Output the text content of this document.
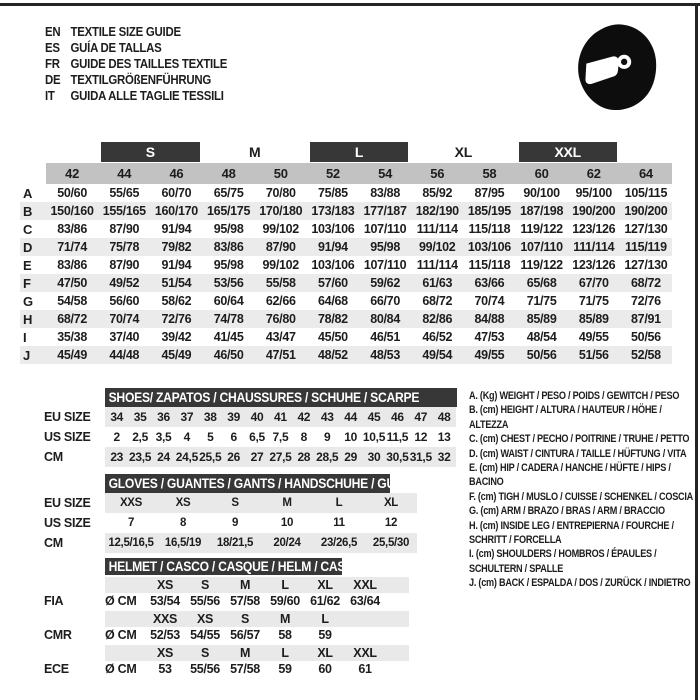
EN TEXTILE SIZE GUIDE
ES GUÍA DE TALLAS
FR GUIDE DES TAILLES TEXTILE
DE TEXTILGRÖßENFÜHRUNG
IT	GUIDA ALLE TAGLIE TESSILI
S	M	L	XL	XXL
42	44	46	48	50	52	54	56	58	60	62	64
A	50/60	55/65	60/70	65/75	70/80	75/85	83/88	85/92	87/95	90/100	95/100	105/115
B	150/160 155/165 160/170 165/175 170/180 173/183 177/187 182/190 185/195 187/198 190/200 190/200
C	83/86	87/90	91/94	95/98	99/102 103/106 107/110 111/114 115/118 119/122 123/126 127/130
D	71/74	75/78	79/82	83/86	87/90	91/94	95/98	99/102 103/106 107/110 111/114 115/119
E	83/86	87/90	91/94	95/98	99/102 103/106 107/110 111/114 115/118 119/122 123/126 127/130
F	47/50	49/52	51/54	53/56	55/58	57/60	59/62	61/63	63/66	65/68	67/70	68/72
G	54/58	56/60	58/62	60/64	62/66	64/68	66/70	68/72	70/74	71/75	71/75	72/76
H	68/72	70/74	72/76	74/78	76/80	78/82	80/84	82/86	84/88	85/89	85/89	87/91
I	35/38	37/40	39/42	41/45	43/47	45/50	46/51	46/52	47/53	48/54	49/55	50/56
J	45/49	44/48	45/49	46/50	47/51	48/52	48/53	49/54	49/55	50/56	51/56	52/58
SHOES/ ZAPATOS / CHAUSSURES / SCHUHE / SCARPE
EU SIZE	34 35 36 37 38 39 40 41 42 43 44 45 46 47 48
US SIZE	2	2,5 3,5	4	5	6	6,5 7,5	8	9	10 10,5 11,5 12 13
CM	23 23,5 24 24,5 25,5 26 27 27,5 28 28,5 29 30 30,5 31,5 32
GLOVES / GUANTES / GANTS / HANDSCHUHE / GUANTI
EU SIZE	XXS	XS	S	M	L	XL
US SIZE	7	8	9	10	11	12
CM	12,5/16,5 16,5/19	18/21,5	20/24	23/26,5	25,5/30
HELMET / CASCO / CASQUE / HELM / CASCO
XS	S	M	L	XL	XXL
FIA	Ø CM	53/54 55/56 57/58 59/60 61/62 63/64
XXS	XS	S	M	L
CMR	Ø CM	52/53 54/55 56/57	58	59
XS	S	M	L	XL	XXL
ECE	Ø CM	53	55/56 57/58	59	60	61
A. (Kg) WEIGHT / PESO / POIDS / GEWITCH / PESO
B. (cm) HEIGHT / ALTURA / HAUTEUR / HÖHE / ALTEZZA
C. (cm) CHEST / PECHO / POITRINE / TRUHE / PETTO
D. (cm) WAIST / CINTURA / TAILLE / HÜFTUNG / VITA
E. (cm) HIP / CADERA / HANCHE / HÜFTE / HIPS / BACINO
F. (cm) TIGH / MUSLO / CUISSE / SCHENKEL / COSCIA
G. (cm) ARM / BRAZO / BRAS / ARM / BRACCIO
H. (cm) INSIDE LEG / ENTREPIERNA / FOURCHE / SCHRITT / FORCELLA
I. (cm) SHOULDERS / HOMBROS / ÉPAULES / SCHULTERN / SPALLE
J. (cm) BACK / ESPALDA / DOS / ZURÜCK / INDIETRO
